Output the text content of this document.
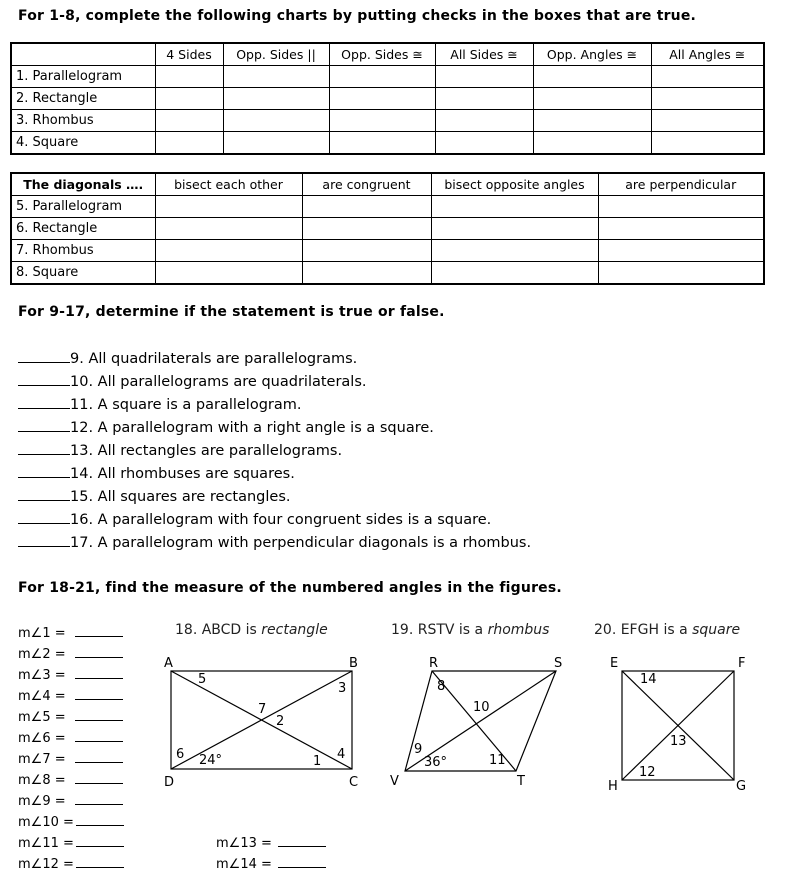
For 1-8, complete the following charts by putting checks in the boxes that are true.
	4 Sides	Opp. Sides ||	Opp. Sides ≅	All Sides ≅	Opp. Angles ≅	All Angles ≅
1. Parallelogram						
2. Rectangle						
3. Rhombus						
4. Square						
The diagonals ….	bisect each other	are congruent	bisect opposite angles	are perpendicular
5. Parallelogram				
6. Rectangle				
7. Rhombus				
8. Square				
For 9-17, determine if the statement is true or false.
9. All quadrilaterals are parallelograms.
10. All parallelograms are quadrilaterals.
11. A square is a parallelogram.
12. A parallelogram with a right angle is a square.
13. All rectangles are parallelograms.
14. All rhombuses are squares.
15. All squares are rectangles.
16. A parallelogram with four congruent sides is a square.
17. A parallelogram with perpendicular diagonals is a rhombus.
For 18-21, find the measure of the numbered angles in the figures.
m∠1 =
m∠2 =
m∠3 =
m∠4 =
m∠5 =
m∠6 =
m∠7 =
m∠8 =
m∠9 =
m∠10 =
m∠11 =
m∠12 =
m∠13 =
m∠14 =
18. ABCD is rectangle	19. RSTV is a rhombus	20. EFGH is a square
A	B
C
D
5
3
7
2
6 24°	1 4
R	S
T
V
8
10
9
36°	11
E	F
G
H
14
13
12
